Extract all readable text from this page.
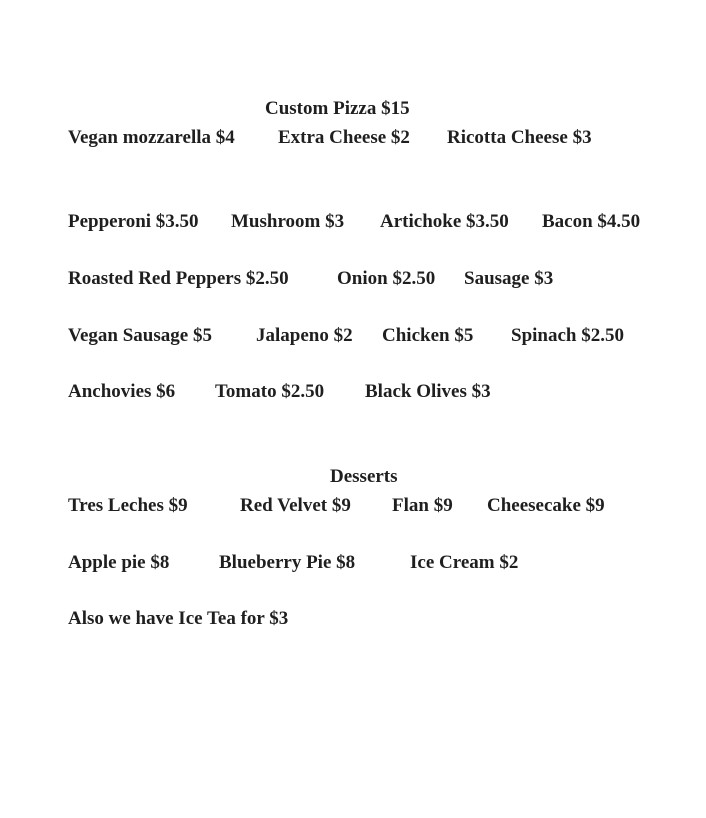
Custom Pizza $15
Vegan mozzarella $4 Extra Cheese $2 Ricotta Cheese $3
Pepperoni $3.50 Mushroom $3 Artichoke $3.50 Bacon $4.50
Roasted Red Peppers $2.50	Onion $2.50 Sausage $3
Vegan Sausage $5 Jalapeno $2 Chicken $5 Spinach $2.50
Anchovies $6 Tomato $2.50 Black Olives $3
Desserts
Tres Leches $9	Red Velvet $9 Flan $9 Cheesecake $9
Apple pie $8	Blueberry Pie $8	Ice Cream $2
Also we have Ice Tea for $3
